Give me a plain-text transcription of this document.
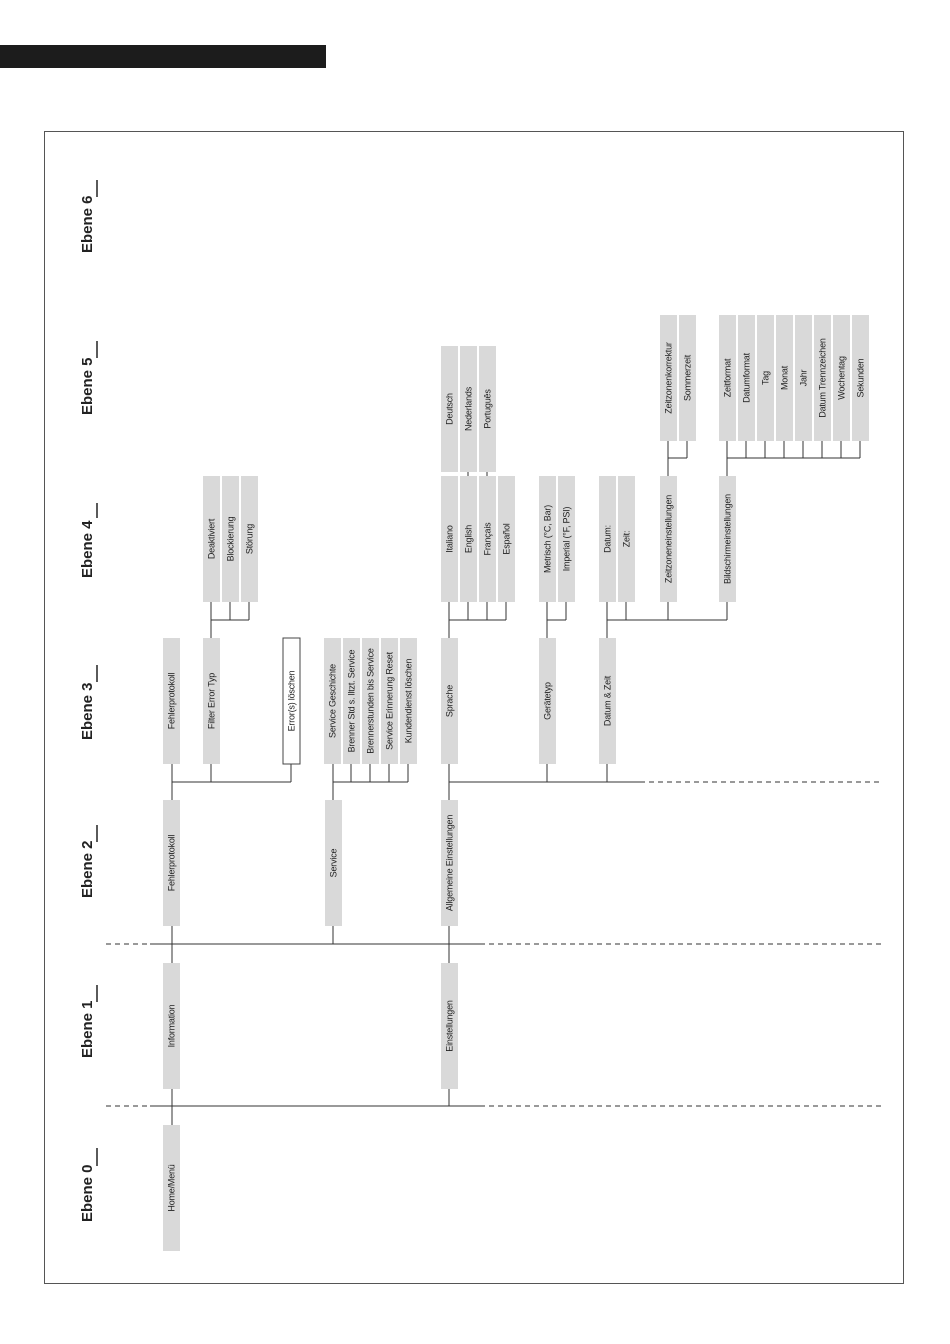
Home/Menü
Information	Einstellungen
Fehlerprotokoll	Service	Allgemeine Einstellungen
Fehlerprotokoll	Filter Error Typ	Error(s) löschen	Service Geschichte Brenner Std s. lltzt. Service Brennerstunden bis Service Service Erinnerung Reset Kundendienst löschen	Sprache	Gerätetyp	Datum & Zeit
Deaktiviert Blockierung Störung	Italiano English Français Español	Metrisch (°C, Bar) Imperial (°F, PSI)	Datum: Zeit:	Zeitzoneneinstellungen	Bildschirmeinstellungen
Deutsch Nederlands Português	Zeitzonenkorrektur Sommerzeit	Zeitformat Datumformat Tag Monat Jahr Datum Trennzeichen Wochentag Sekunden
Ebene 0
Ebene 1
Ebene 2
Ebene 3
Ebene 4
Ebene 5
Ebene 6
